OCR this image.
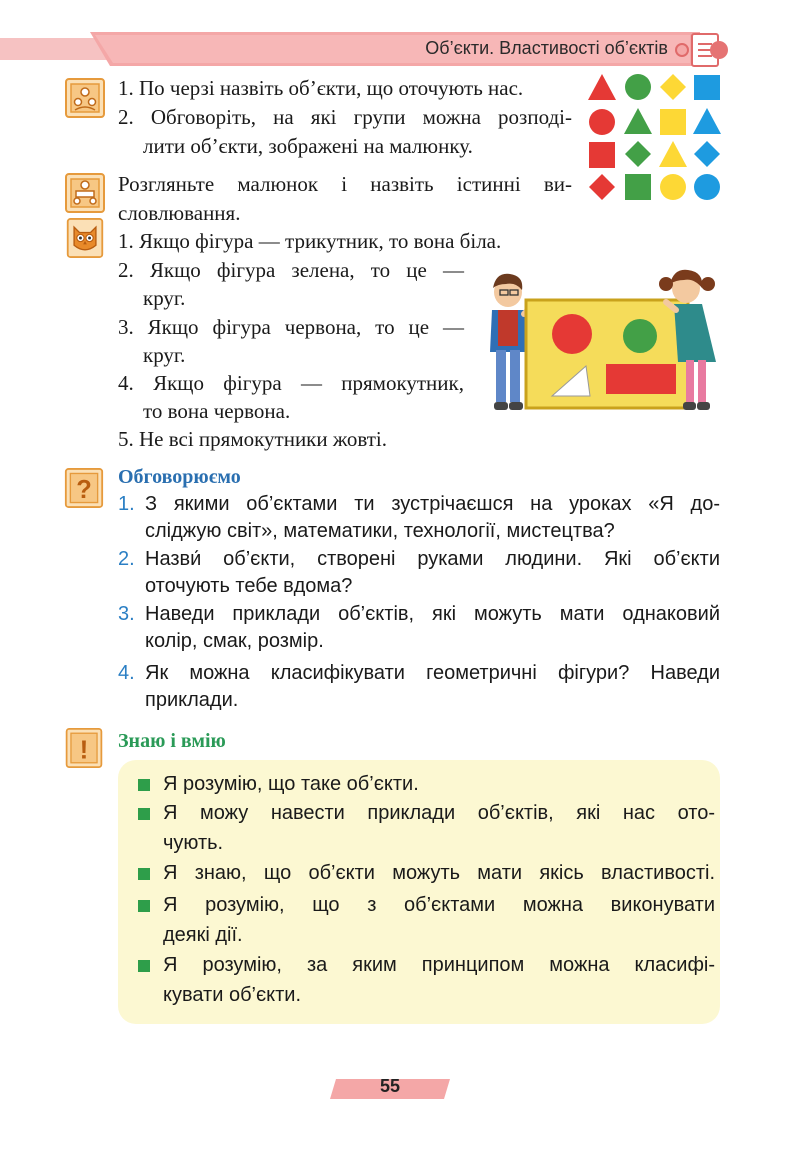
Об’єкти. Властивості об’єктів
1. По черзі назвіть об’єкти, що оточують нас.
2. Обговоріть, на які групи можна розподі-
лити об’єкти, зображені на малюнку.
Розгляньте малюнок і назвіть істинні ви-
словлювання.
1. Якщо фігура — трикутник, то вона біла.
2. Якщо фігура зелена, то це —
круг.
3. Якщо фігура червона, то це —
круг.
4. Якщо фігура — прямокутник,
то вона червона.
5. Не всі прямокутники жовті.
? Обговорюємо
1. З якими об’єктами ти зустрічаєшся на уроках «Я до-
сліджую світ», математики, технології, мистецтва?
2. Назви́ об’єкти, створені руками людини. Які об’єкти
оточують тебе вдома?
3. Наведи приклади об’єктів, які можуть мати однаковий
колір, смак, розмір.
4. Як можна класифікувати геометричні фігури? Наведи
приклади.
! Знаю і вмію
Я розумію, що таке об’єкти.
Я можу навести приклади об’єктів, які нас ото-
чують.
Я знаю, що об’єкти можуть мати якісь властивості.
Я розумію, що з об’єктами можна виконувати
деякі дії.
Я розумію, за яким принципом можна класифі-
кувати об’єкти.
55
